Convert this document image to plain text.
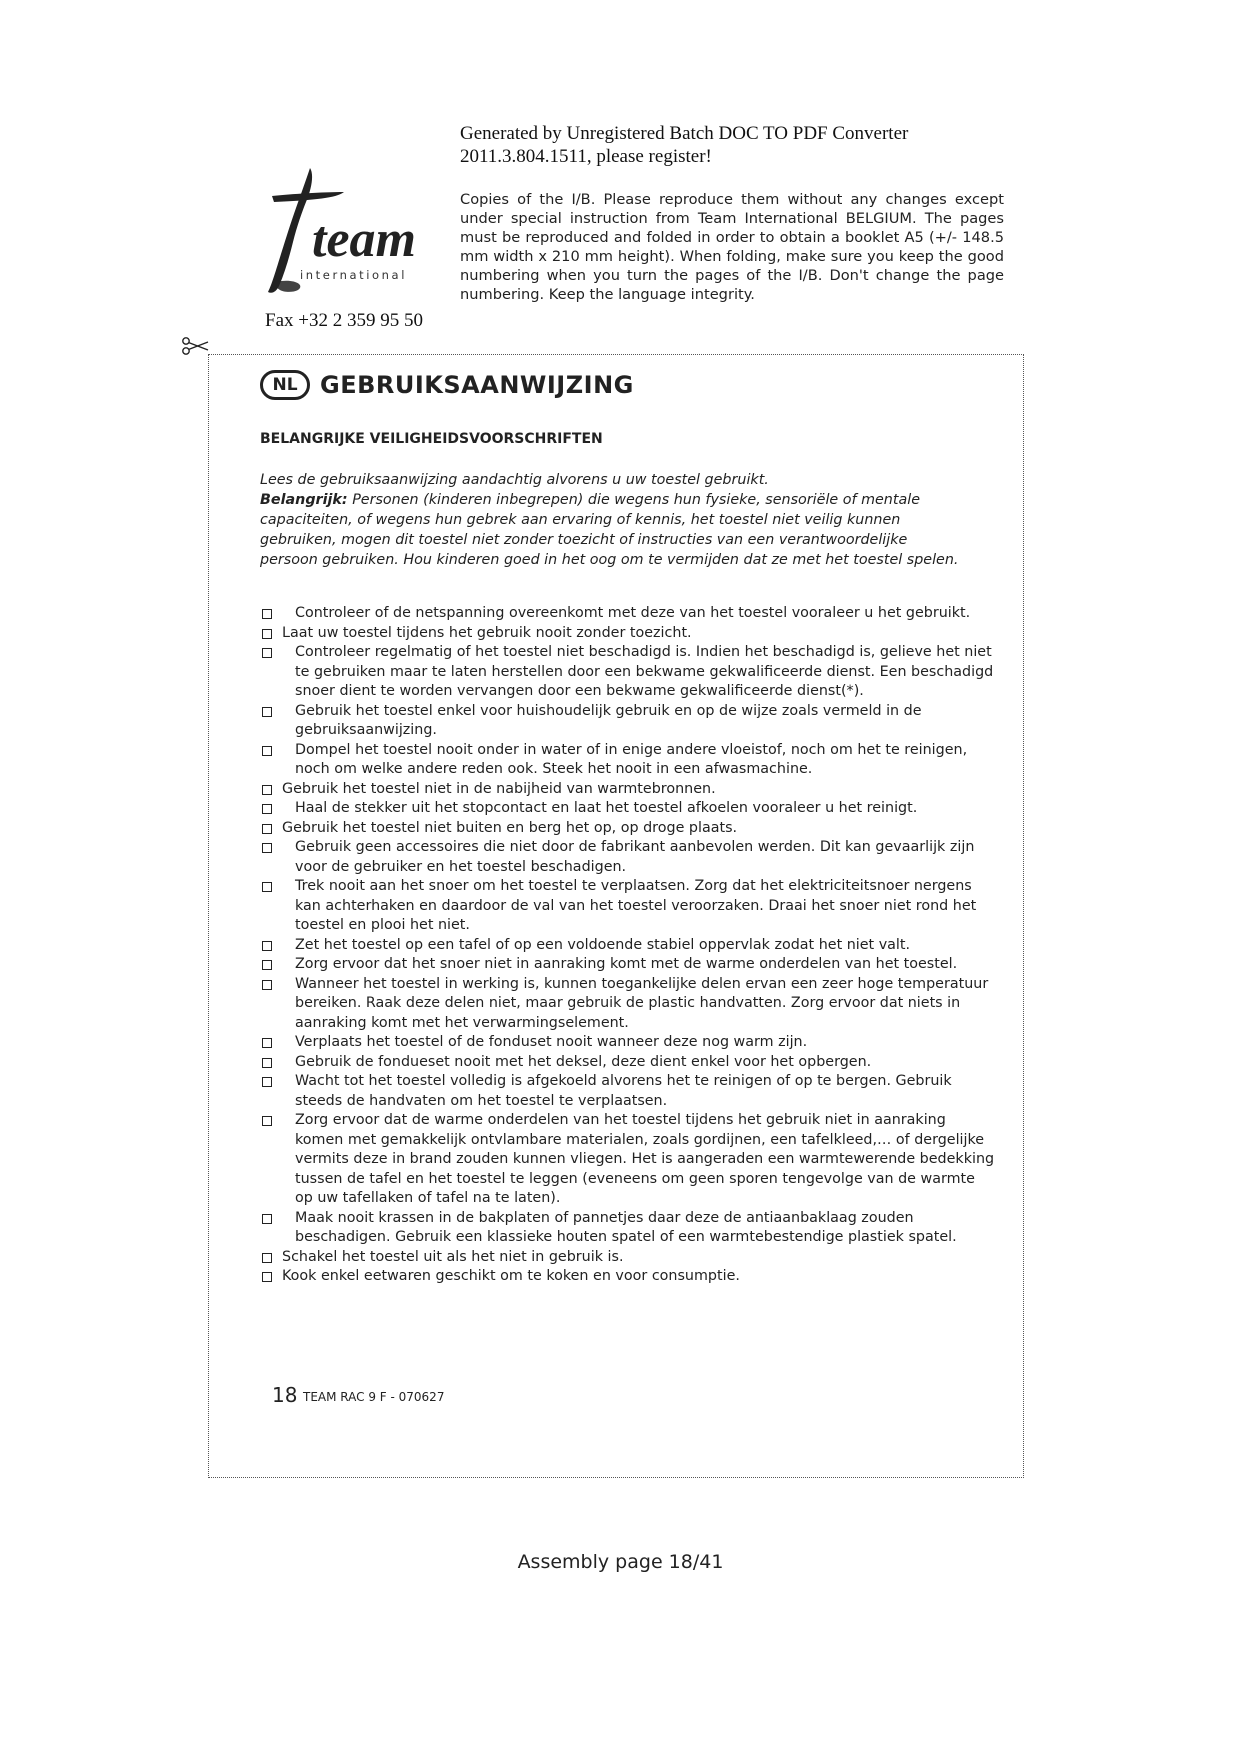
Generated by Unregistered Batch DOC TO PDF Converter
2011.3.804.1511, please register!
team
international
Fax +32 2 359 95 50
Copies of the I/B. Please reproduce them without any changes except under special instruction from Team International BELGIUM. The pages must be reproduced and folded in order to obtain a booklet A5 (+/- 148.5 mm width x 210 mm height). When folding, make sure you keep the good numbering when you turn the pages of the I/B. Don't change the page numbering. Keep the language integrity.
NL GEBRUIKSAANWIJZING
BELANGRIJKE VEILIGHEIDSVOORSCHRIFTEN
Lees de gebruiksaanwijzing aandachtig alvorens u uw toestel gebruikt.
Belangrijk: Personen (kinderen inbegrepen) die wegens hun fysieke, sensoriële of mentale capaciteiten, of wegens hun gebrek aan ervaring of kennis, het toestel niet veilig kunnen gebruiken, mogen dit toestel niet zonder toezicht of instructies van een verantwoordelijke persoon gebruiken. Hou kinderen goed in het oog om te vermijden dat ze met het toestel spelen.
Controleer of de netspanning overeenkomt met deze van het toestel vooraleer u het gebruikt.
Laat uw toestel tijdens het gebruik nooit zonder toezicht.
Controleer regelmatig of het toestel niet beschadigd is. Indien het beschadigd is, gelieve het niet te gebruiken maar te laten herstellen door een bekwame gekwalificeerde dienst. Een beschadigd snoer dient te worden vervangen door een bekwame gekwalificeerde dienst(*).
Gebruik het toestel enkel voor huishoudelijk gebruik en op de wijze zoals vermeld in de gebruiksaanwijzing.
Dompel het toestel nooit onder in water of in enige andere vloeistof, noch om het te reinigen, noch om welke andere reden ook. Steek het nooit in een afwasmachine.
Gebruik het toestel niet in de nabijheid van warmtebronnen.
Haal de stekker uit het stopcontact en laat het toestel afkoelen vooraleer u het reinigt.
Gebruik het toestel niet buiten en berg het op, op droge plaats.
Gebruik geen accessoires die niet door de fabrikant aanbevolen werden. Dit kan gevaarlijk zijn voor de gebruiker en het toestel beschadigen.
Trek nooit aan het snoer om het toestel te verplaatsen. Zorg dat het elektriciteitsnoer nergens kan achterhaken en daardoor de val van het toestel veroorzaken. Draai het snoer niet rond het toestel en plooi het niet.
Zet het toestel op een tafel of op een voldoende stabiel oppervlak zodat het niet valt.
Zorg ervoor dat het snoer niet in aanraking komt met de warme onderdelen van het toestel.
Wanneer het toestel in werking is, kunnen toegankelijke delen ervan een zeer hoge temperatuur bereiken. Raak deze delen niet, maar gebruik de plastic handvatten. Zorg ervoor dat niets in aanraking komt met het verwarmingselement.
Verplaats het toestel of de fonduset nooit wanneer deze nog warm zijn.
Gebruik de fondueset nooit met het deksel, deze dient enkel voor het opbergen.
Wacht tot het toestel volledig is afgekoeld alvorens het te reinigen of op te bergen. Gebruik steeds de handvaten om het toestel te verplaatsen.
Zorg ervoor dat de warme onderdelen van het toestel tijdens het gebruik niet in aanraking komen met gemakkelijk ontvlambare materialen, zoals gordijnen, een tafelkleed,… of dergelijke vermits deze in brand zouden kunnen vliegen. Het is aangeraden een warmtewerende bedekking tussen de tafel en het toestel te leggen (eveneens om geen sporen tengevolge van de warmte op uw tafellaken of tafel na te laten).
Maak nooit krassen in de bakplaten of pannetjes daar deze de antiaanbaklaag zouden beschadigen. Gebruik een klassieke houten spatel of een warmtebestendige plastiek spatel.
Schakel het toestel uit als het niet in gebruik is.
Kook enkel eetwaren geschikt om te koken en voor consumptie.
18 TEAM RAC 9 F - 070627
Assembly page 18/41
